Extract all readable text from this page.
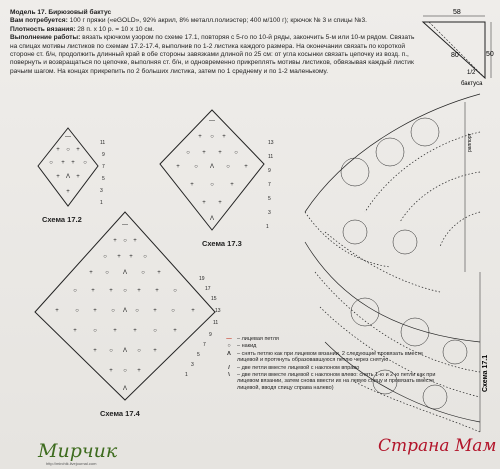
Модель 17. Бирюзовый бактус

Вам потребуется: 100 г пряжи («eGOLD», 92% акрил, 8% металл.полиэстер; 400 м/100 г); крючок № 3 и спицы №3.

Плотность вязания: 28 п. х 10 р. = 10 х 10 см.

Выполнение работы: вязать крючком узором по схеме 17.1, повторяя с 5-го по 10-й ряды, закончить 5-м или 10-м рядом. Связать на спицах мотивы листиков по схемам 17.2-17.4, выполнив по 1-2 листика каждого размера. На оконечании связать по короткой стороне ст. б/н, продолжить длинный край в обе стороны завязками длиной по 25 см: от угла косынки связать цепочку из возд. п., повернуть и возвращаться по цепочке, выполняя ст. б/н, и одновременно прикреплять мотивы листиков, обвязывая каждый листик рачьим шагом. На концах прикрепить по 2 больших листика, затем по 1 среднему и по 1-2 маленькому.

58
50
80
1/2
бактуса
—
+ ○ +
○ + + ○
+ Λ +
+
1
3
5
7
9
11
Схема 17.2
—
+ ○ +
○ + + ○
+ ○ Λ ○ +
+	○	+
+ +
Λ
1
3
5
7
9
11
13
Схема 17.3
—
+ ○ +
○ + + ○
+ ○ Λ ○ +
○ + + ○ + + ○
+	○ + ○ Λ ○ + ○	+
+	○	+	+	○	+
+ ○ Λ ○ +
+ ○ +
Λ
1
3
5
7
9
11
13
15
17
19
Схема 17.4
раппорт
Схема 17.1
— – лицевая петля
○	– накид
Λ	– снять петлю как при лицевом вязании, 2 следующие провязать вместе лицевой и протянуть образовавшуюся петлю через снятую
/	– две петли вместе лицевой с наклоном вправо
\	– две петли вместе лицевой с наклоном влево: снять 1-ю и 2-ю петли как при лицевом вязании, затем снова ввести их на левую спицу и провязать вместе лицевой, вводя спицу справа налево)
Мирчик
http://mirchik.livejournal.com
Страна Мам
